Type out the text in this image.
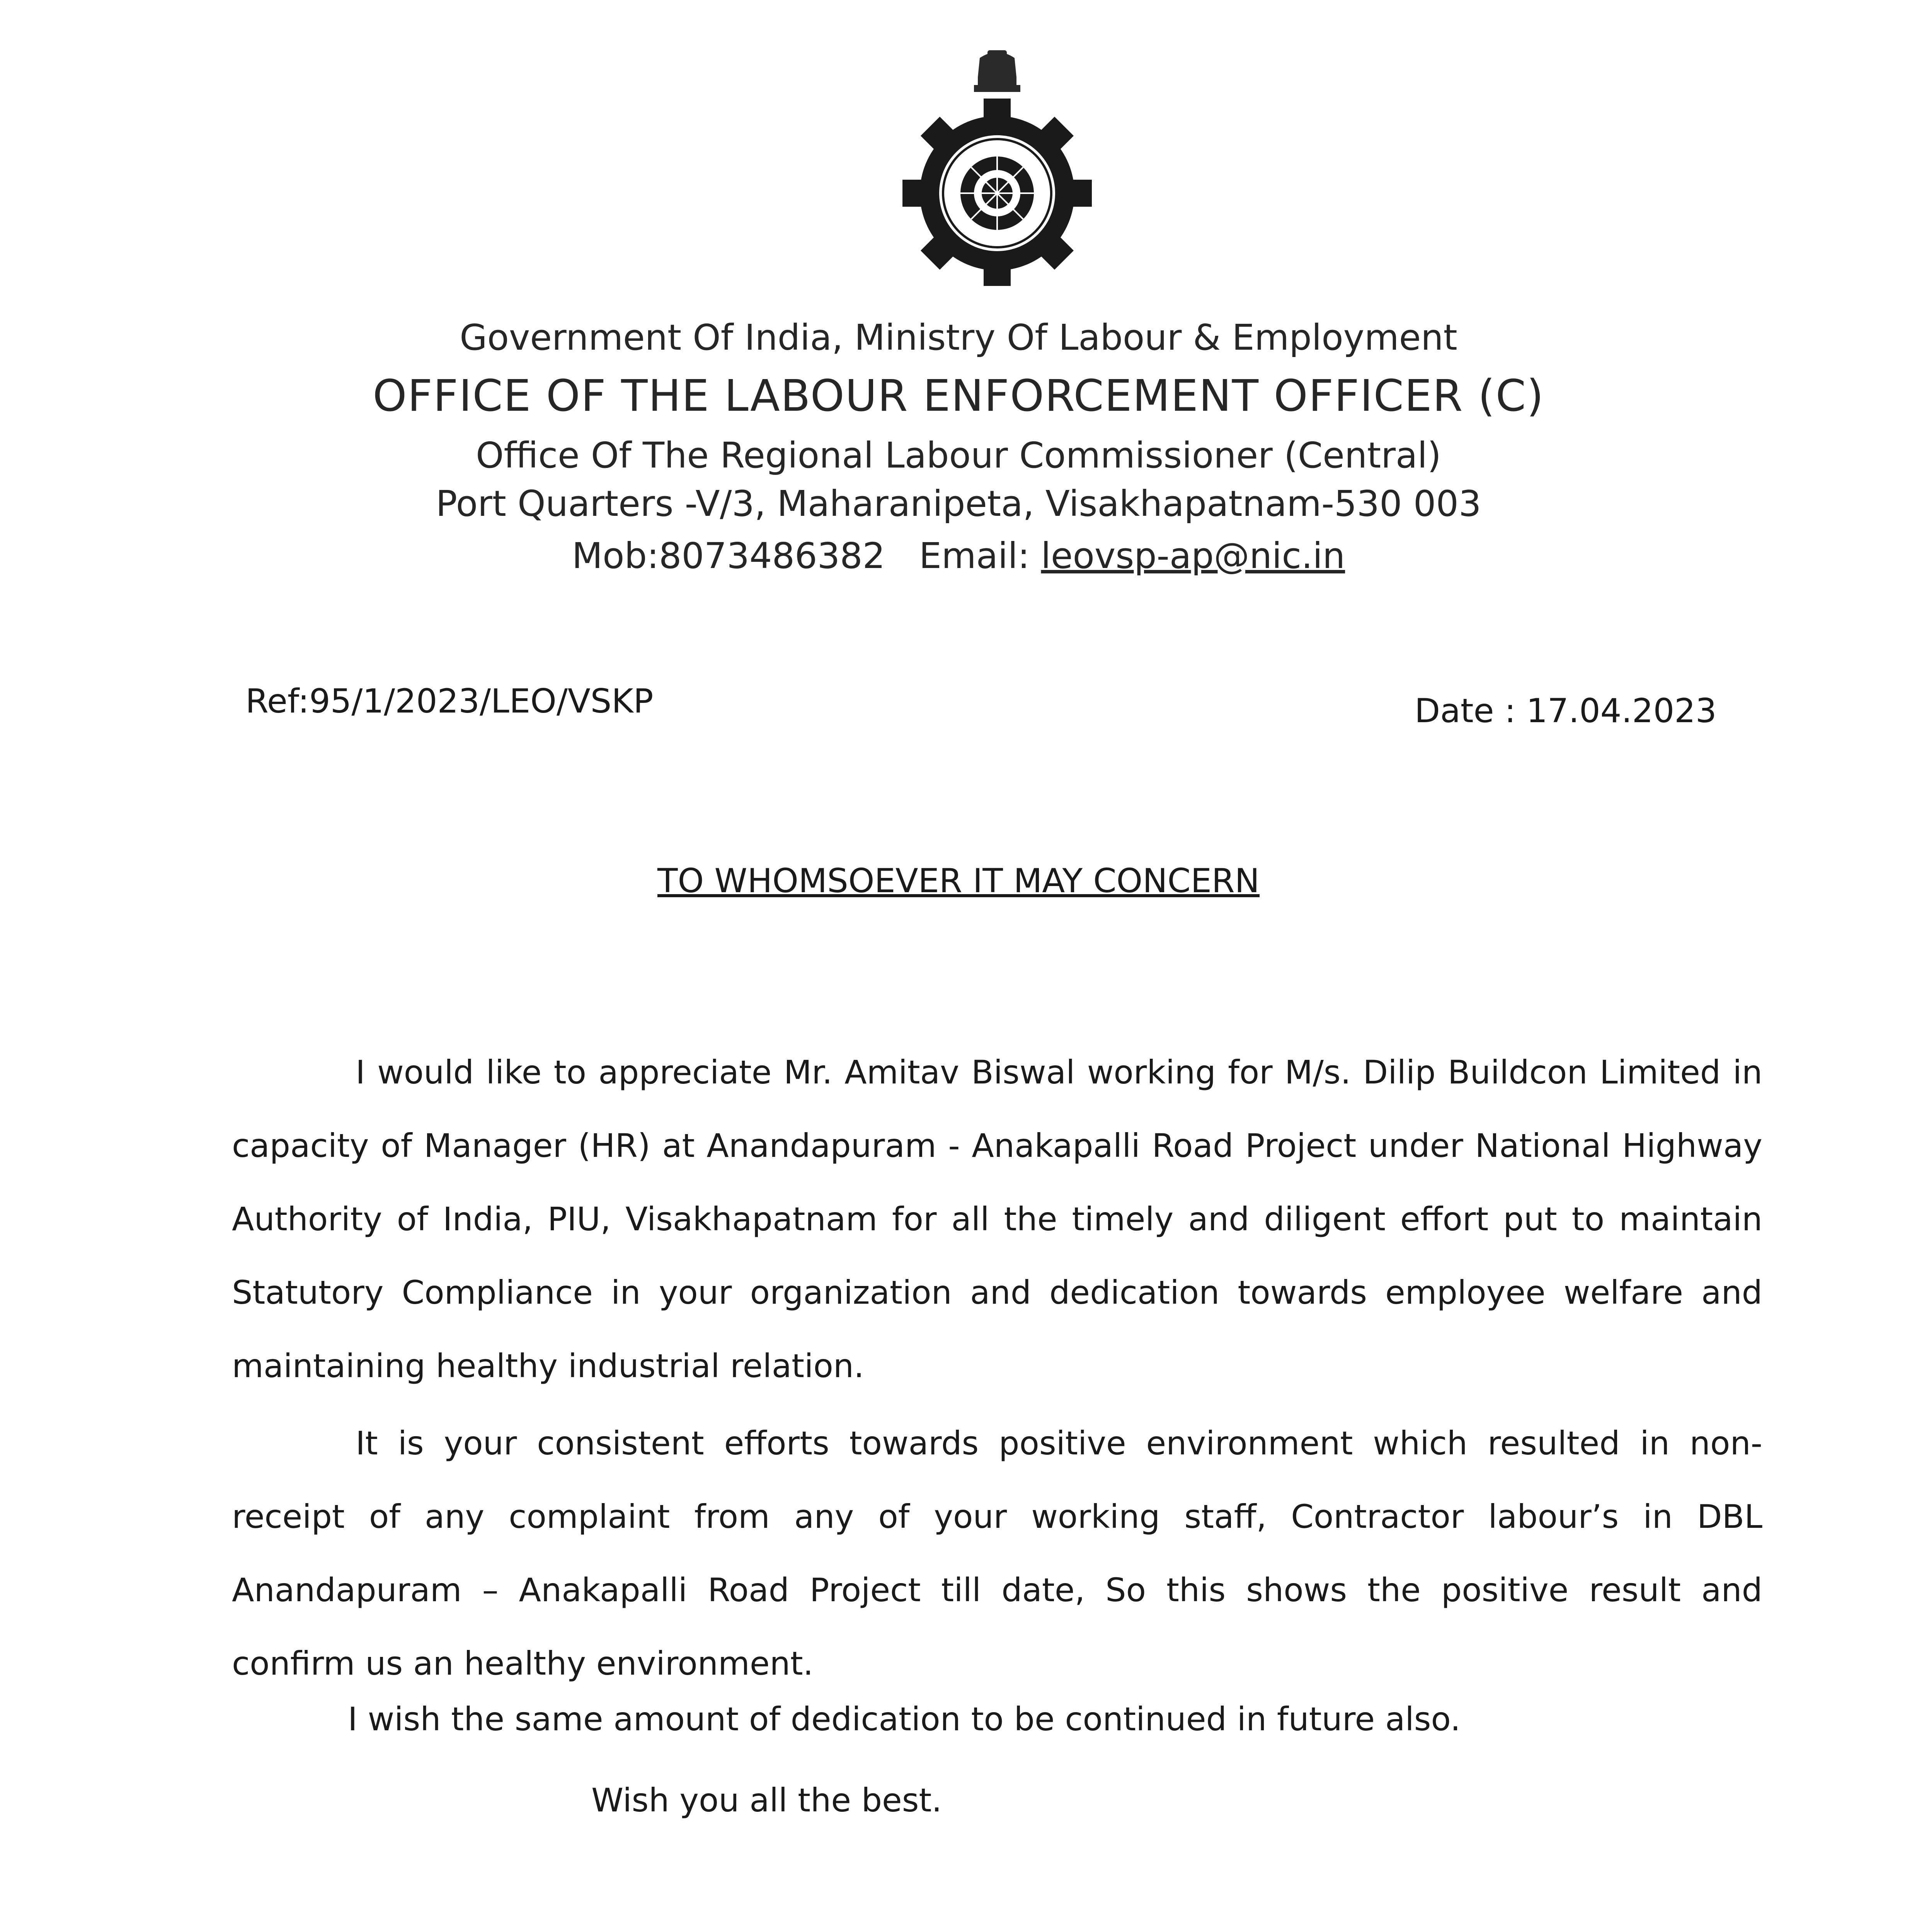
Government Of India, Ministry Of Labour & Employment
OFFICE OF THE LABOUR ENFORCEMENT OFFICER (C)
Office Of The Regional Labour Commissioner (Central)
Port Quarters -V/3, Maharanipeta, Visakhapatnam-530 003
Mob:8073486382 Email: leovsp-ap@nic.in
Ref:95/1/2023/LEO/VSKP	Date : 17.04.2023
TO WHOMSOEVER IT MAY CONCERN

I would like to appreciate Mr. Amitav Biswal working for M/s. Dilip Buildcon Limited in capacity of Manager (HR) at Anandapuram - Anakapalli Road Project under National Highway Authority of India, PIU, Visakhapatnam for all the timely and diligent effort put to maintain Statutory Compliance in your organization and dedication towards employee welfare and maintaining healthy industrial relation.

It is your consistent efforts towards positive environment which resulted in non-receipt of any complaint from any of your working staff, Contractor labour’s in DBL Anandapuram – Anakapalli Road Project till date, So this shows the positive result and confirm us an healthy environment.

I wish the same amount of dedication to be continued in future also.
Wish you all the best.
